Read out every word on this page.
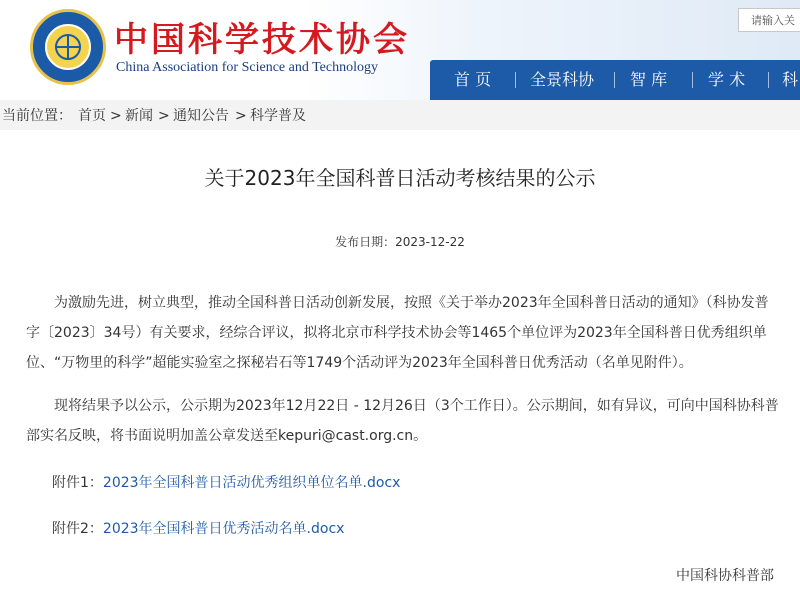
中国科学技术协会
China Association for Science and Technology
请输入关
首 页 全景科协 智 库	学 术 科
当前位置： 首页 > 新闻 > 通知公告 > 科学普及
关于2023年全国科普日活动考核结果的公示
发布日期：2023-12-22
为激励先进，树立典型，推动全国科普日活动创新发展，按照《关于举办2023年全国科普日活动的通知》（科协发普字〔2023〕34号）有关要求，经综合评议，拟将北京市科学技术协会等1465个单位评为2023年全国科普日优秀组织单位、“万物里的科学”超能实验室之探秘岩石等1749个活动评为2023年全国科普日优秀活动（名单见附件）。
现将结果予以公示，公示期为2023年12月22日 - 12月26日（3个工作日）。公示期间，如有异议，可向中国科协科普部实名反映，将书面说明加盖公章发送至kepuri@cast.org.cn。
附件1：2023年全国科普日活动优秀组织单位名单.docx
附件2：2023年全国科普日优秀活动名单.docx
中国科协科普部
